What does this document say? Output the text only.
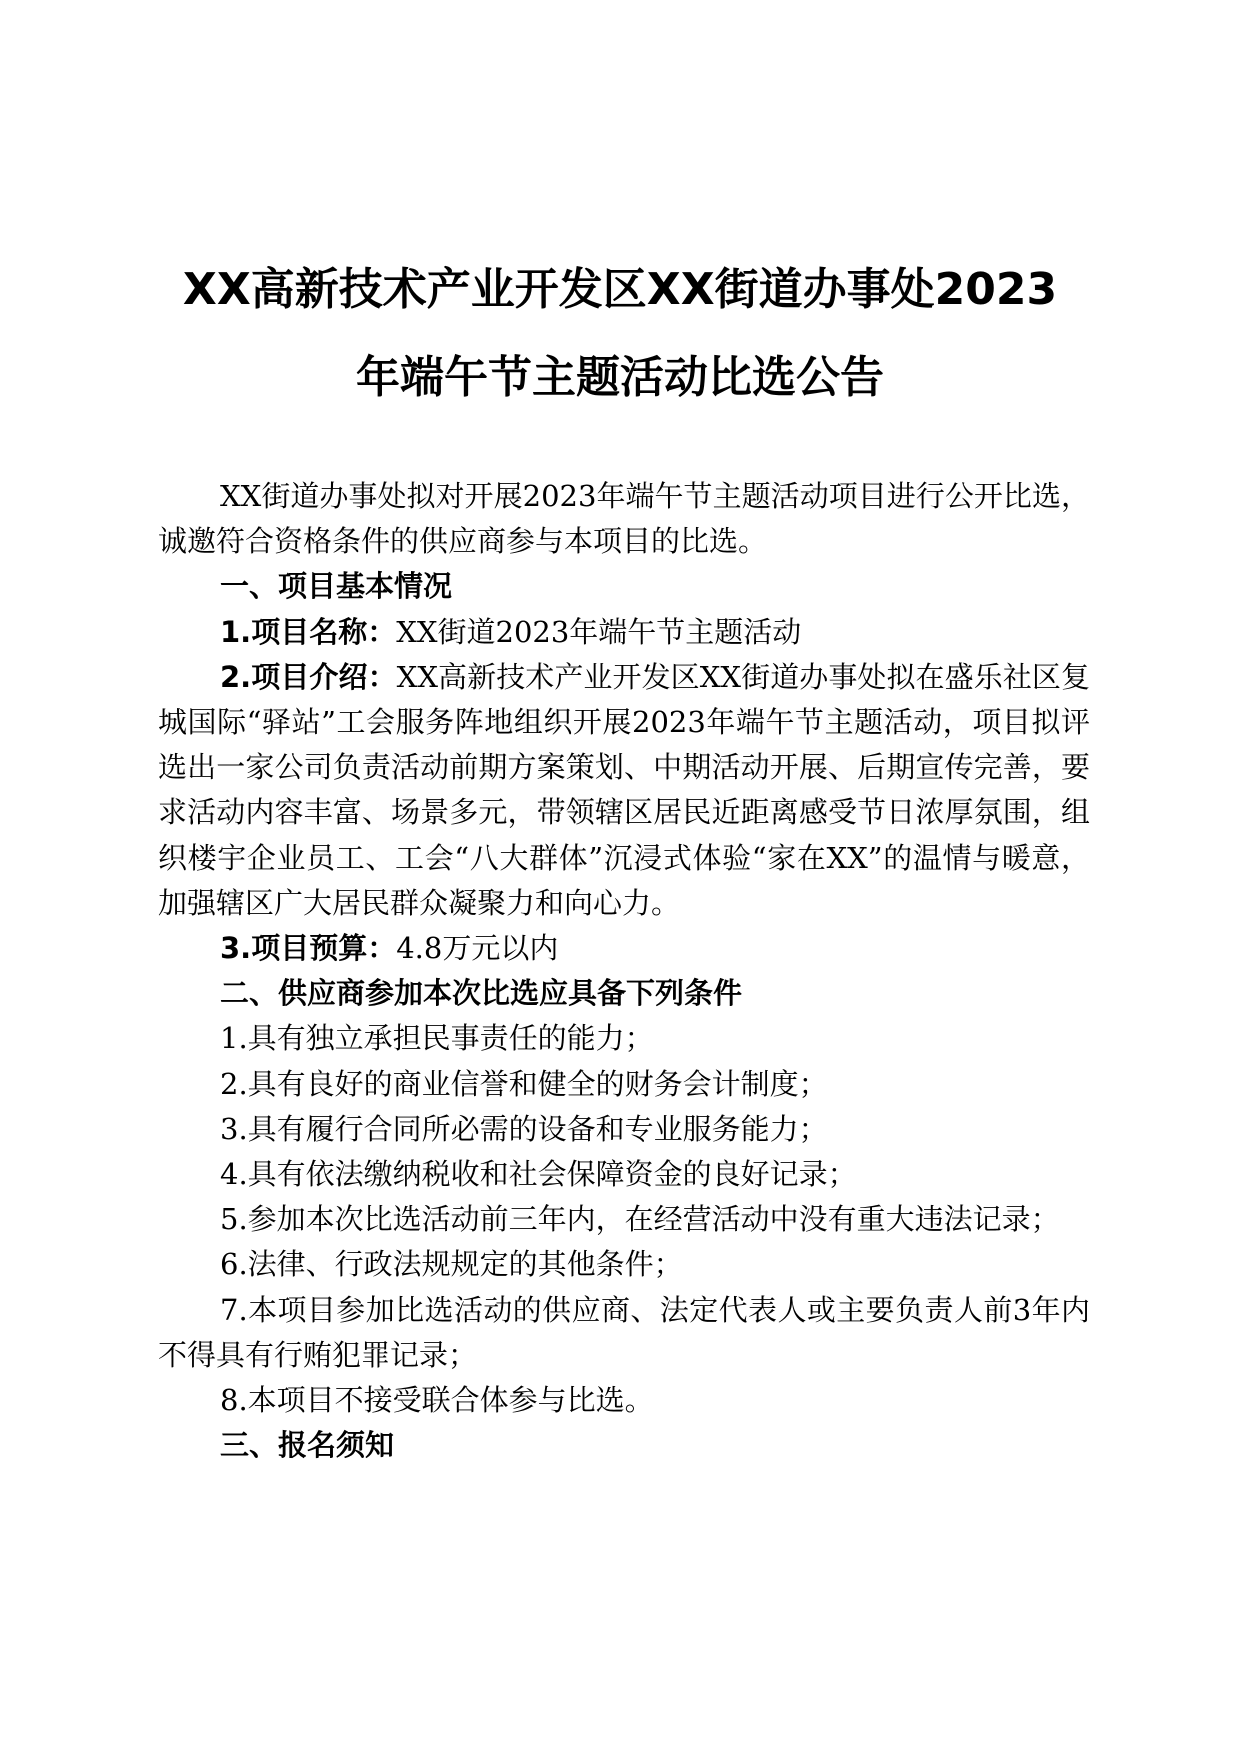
XX高新技术产业开发区XX街道办事处2023
年端午节主题活动比选公告

XX街道办事处拟对开展2023年端午节主题活动项目进行公开比选，诚邀符合资格条件的供应商参与本项目的比选。

一、项目基本情况

1.项目名称：XX街道2023年端午节主题活动

2.项目介绍：XX高新技术产业开发区XX街道办事处拟在盛乐社区复城国际“驿站”工会服务阵地组织开展2023年端午节主题活动，项目拟评选出一家公司负责活动前期方案策划、中期活动开展、后期宣传完善，要求活动内容丰富、场景多元，带领辖区居民近距离感受节日浓厚氛围，组织楼宇企业员工、工会“八大群体”沉浸式体验“家在XX”的温情与暖意，加强辖区广大居民群众凝聚力和向心力。

3.项目预算：4.8万元以内

二、供应商参加本次比选应具备下列条件

1.具有独立承担民事责任的能力；

2.具有良好的商业信誉和健全的财务会计制度；

3.具有履行合同所必需的设备和专业服务能力；

4.具有依法缴纳税收和社会保障资金的良好记录；

5.参加本次比选活动前三年内，在经营活动中没有重大违法记录；

6.法律、行政法规规定的其他条件；

7.本项目参加比选活动的供应商、法定代表人或主要负责人前3年内不得具有行贿犯罪记录；

8.本项目不接受联合体参与比选。

三、报名须知
